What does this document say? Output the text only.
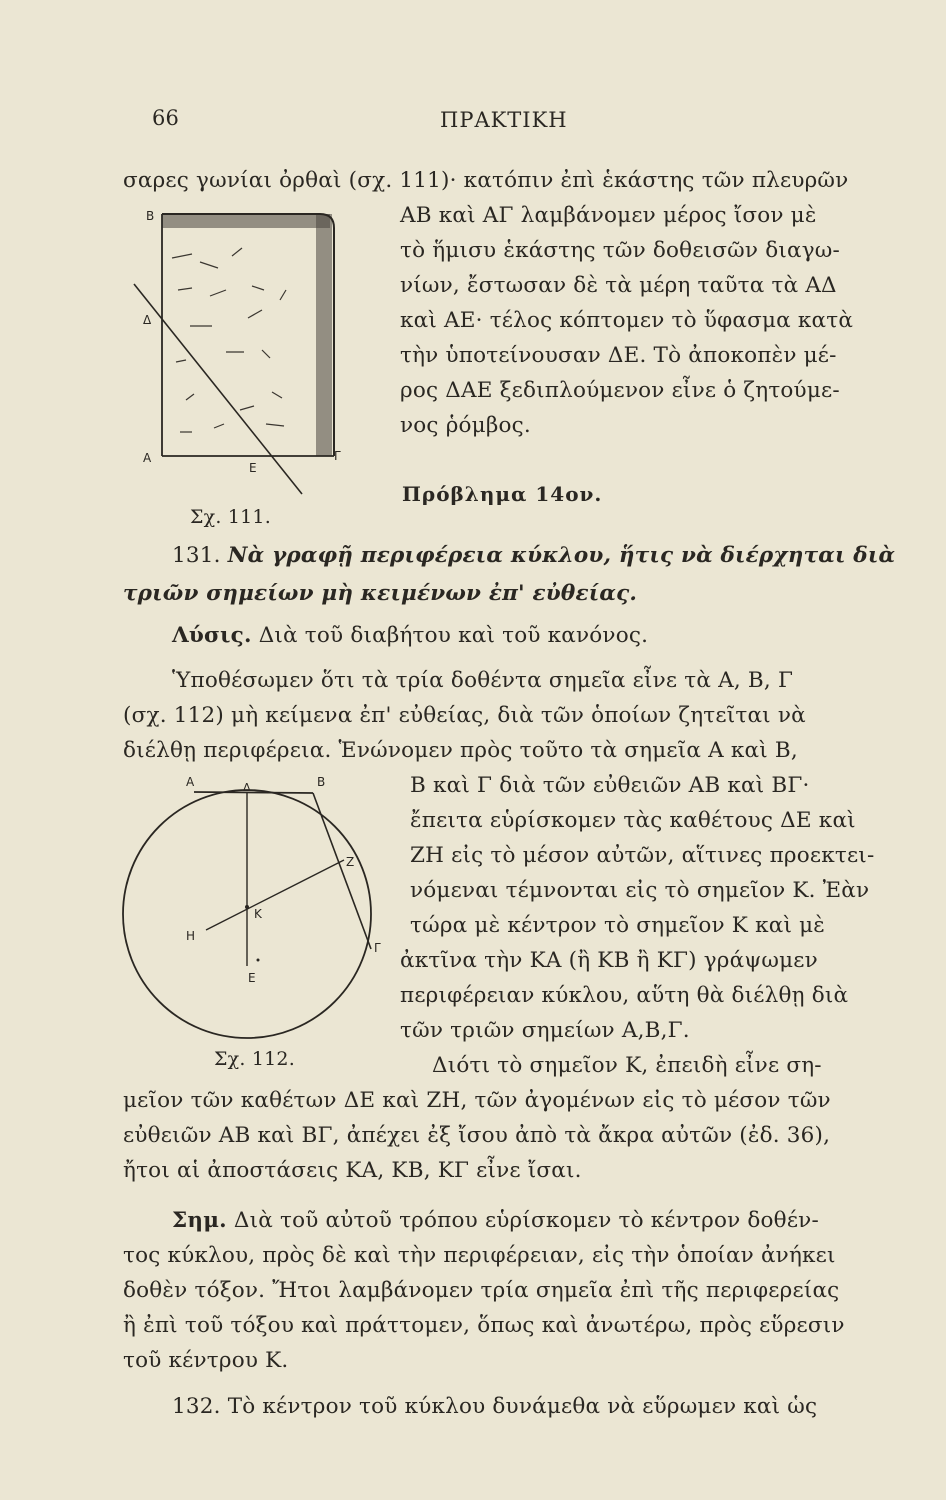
66	ΠΡΑΚΤΙΚΗ
σαρες γωνίαι ὀρθαὶ (σχ. 111)· κατόπιν ἐπὶ ἑκάστης τῶν πλευρῶν
ΑΒ καὶ ΑΓ λαμβάνομεν μέρος ἴσον μὲ
τὸ ἥμισυ ἑκάστης τῶν δοθεισῶν διαγω-
νίων, ἔστωσαν δὲ τὰ μέρη ταῦτα τὰ ΑΔ
καὶ ΑΕ· τέλος κόπτομεν τὸ ὕφασμα κατὰ
τὴν ὑποτείνουσαν ΔΕ. Τὸ ἀποκοπὲν μέ-
ρος ΔΑΕ ξεδιπλούμενον εἶνε ὁ ζητούμε-
νος ῥόμβος.
Β
Δ
Α
Ε
Γ
Σχ. 111.
Πρόβλημα 14ον.
131. Νὰ γραφῇ περιφέρεια κύκλου, ἥτις νὰ διέρχηται διὰ
τριῶν σημείων μὴ κειμένων ἐπ' εὐθείας.
Λύσις. Διὰ τοῦ διαβήτου καὶ τοῦ κανόνος.
Ὑποθέσωμεν ὅτι τὰ τρία δοθέντα σημεῖα εἶνε τὰ Α, Β, Γ
(σχ. 112) μὴ κείμενα ἐπ' εὐθείας, διὰ τῶν ὁποίων ζητεῖται νὰ
διέλθῃ περιφέρεια. Ἑνώνομεν πρὸς τοῦτο τὰ σημεῖα Α καὶ Β,
Β καὶ Γ διὰ τῶν εὐθειῶν ΑΒ καὶ ΒΓ·
ἔπειτα εὑρίσκομεν τὰς καθέτους ΔΕ καὶ
ΖΗ εἰς τὸ μέσον αὐτῶν, αἵτινες προεκτει-
νόμεναι τέμνονται εἰς τὸ σημεῖον Κ. Ἐὰν
τώρα μὲ κέντρον τὸ σημεῖον Κ καὶ μὲ
ἀκτῖνα τὴν ΚΑ (ἢ ΚΒ ἢ ΚΓ) γράψωμεν
περιφέρειαν κύκλου, αὕτη θὰ διέλθῃ διὰ
τῶν τριῶν σημείων Α,Β,Γ.
Διότι τὸ σημεῖον Κ, ἐπειδὴ εἶνε ση-
μεῖον τῶν καθέτων ΔΕ καὶ ΖΗ, τῶν ἀγομένων εἰς τὸ μέσον τῶν
εὐθειῶν ΑΒ καὶ ΒΓ, ἀπέχει ἐξ ἴσου ἀπὸ τὰ ἄκρα αὐτῶν (ἐδ. 36),
ἤτοι αἱ ἀποστάσεις ΚΑ, ΚΒ, ΚΓ εἶνε ἴσαι.
Α	Δ	Β
Ζ
Κ
Η
Γ
Ε
Σχ. 112.
Σημ. Διὰ τοῦ αὐτοῦ τρόπου εὑρίσκομεν τὸ κέντρον δοθέν-
τος κύκλου, πρὸς δὲ καὶ τὴν περιφέρειαν, εἰς τὴν ὁποίαν ἀνήκει
δοθὲν τόξον. Ἤτοι λαμβάνομεν τρία σημεῖα ἐπὶ τῆς περιφερείας
ἢ ἐπὶ τοῦ τόξου καὶ πράττομεν, ὅπως καὶ ἀνωτέρω, πρὸς εὕρεσιν
τοῦ κέντρου Κ.
132. Τὸ κέντρον τοῦ κύκλου δυνάμεθα νὰ εὕρωμεν καὶ ὡς
